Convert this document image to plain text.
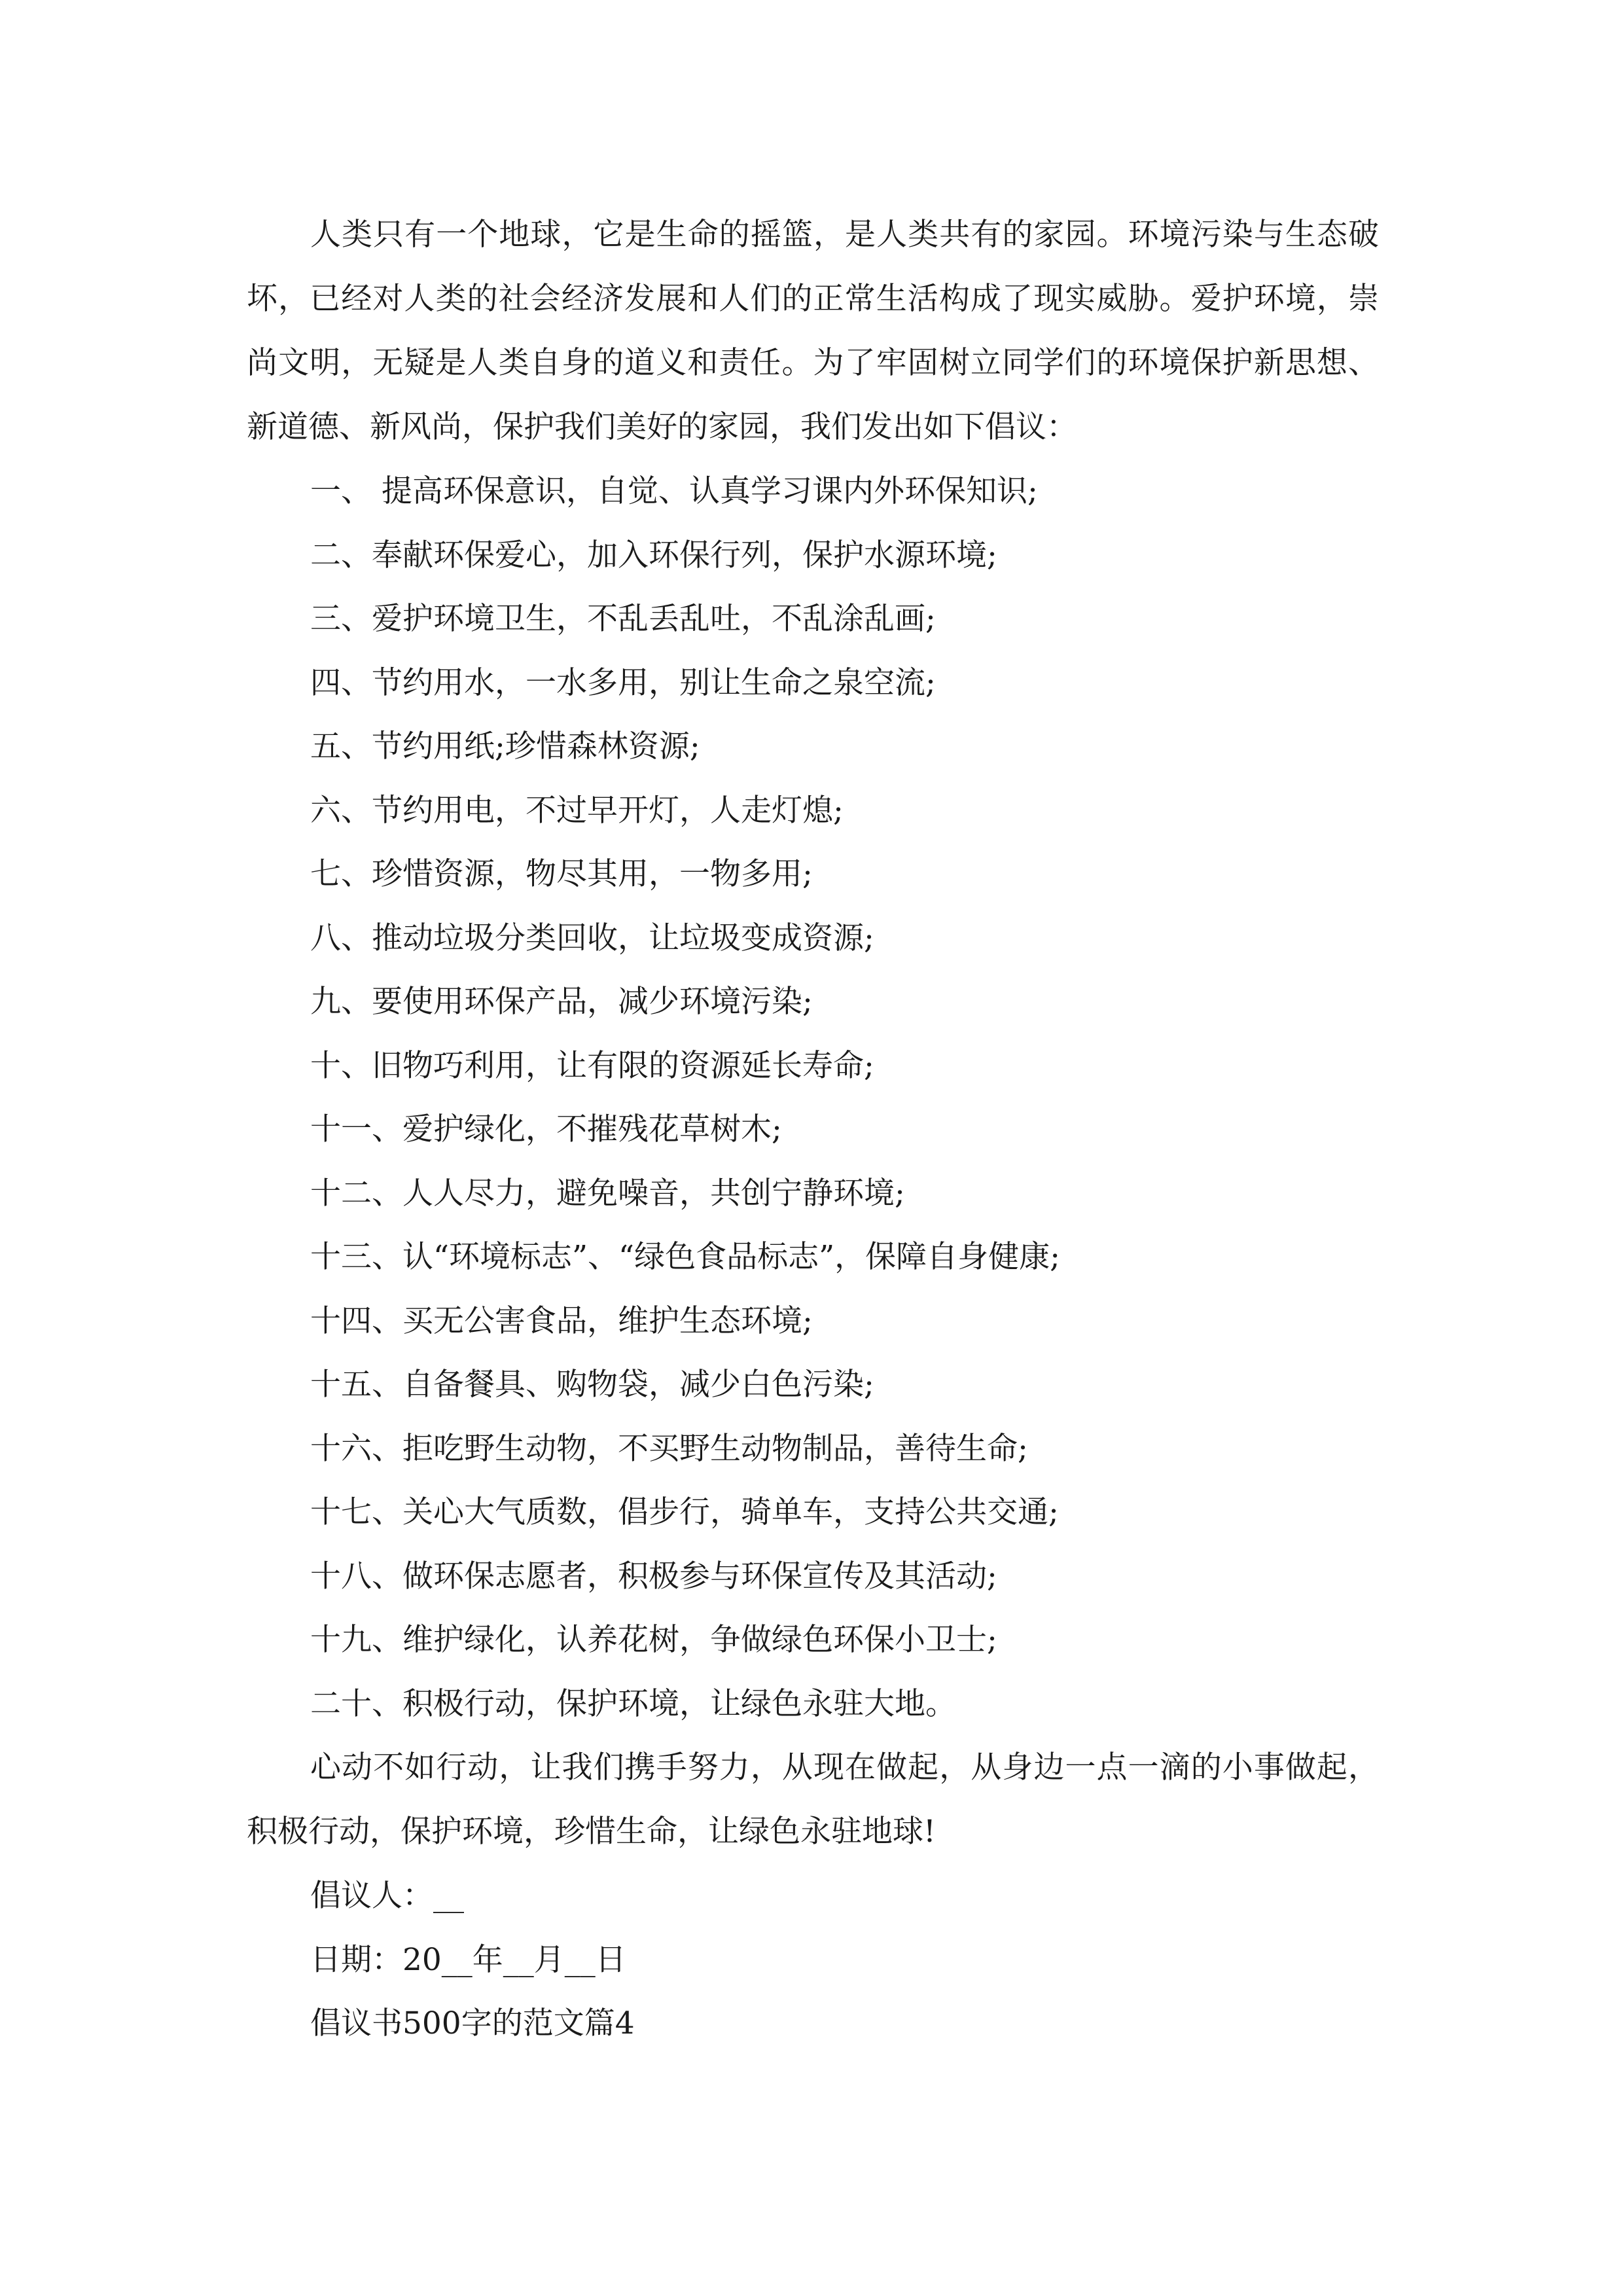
人类只有一个地球，它是生命的摇篮，是人类共有的家园。环境污染与生态破坏，已经对人类的社会经济发展和人们的正常生活构成了现实威胁。爱护环境，崇尚文明，无疑是人类自身的道义和责任。为了牢固树立同学们的环境保护新思想、新道德、新风尚，保护我们美好的家园，我们发出如下倡议：

一、 提高环保意识，自觉、认真学习课内外环保知识;
二、奉献环保爱心，加入环保行列，保护水源环境;
三、爱护环境卫生，不乱丢乱吐，不乱涂乱画;
四、节约用水，一水多用，别让生命之泉空流;
五、节约用纸;珍惜森林资源;
六、节约用电，不过早开灯，人走灯熄;
七、珍惜资源，物尽其用，一物多用;
八、推动垃圾分类回收，让垃圾变成资源;
九、要使用环保产品，减少环境污染;
十、旧物巧利用，让有限的资源延长寿命;
十一、爱护绿化，不摧残花草树木;
十二、人人尽力，避免噪音，共创宁静环境;
十三、认“环境标志”、“绿色食品标志”，保障自身健康;
十四、买无公害食品，维护生态环境;
十五、自备餐具、购物袋，减少白色污染;
十六、拒吃野生动物，不买野生动物制品，善待生命;
十七、关心大气质数，倡步行，骑单车，支持公共交通;
十八、做环保志愿者，积极参与环保宣传及其活动;
十九、维护绿化，认养花树，争做绿色环保小卫士;
二十、积极行动，保护环境，让绿色永驻大地。

心动不如行动，让我们携手努力，从现在做起，从身边一点一滴的小事做起，积极行动，保护环境，珍惜生命，让绿色永驻地球!

倡议人：__
日期：20__年__月__日
倡议书500字的范文篇4
